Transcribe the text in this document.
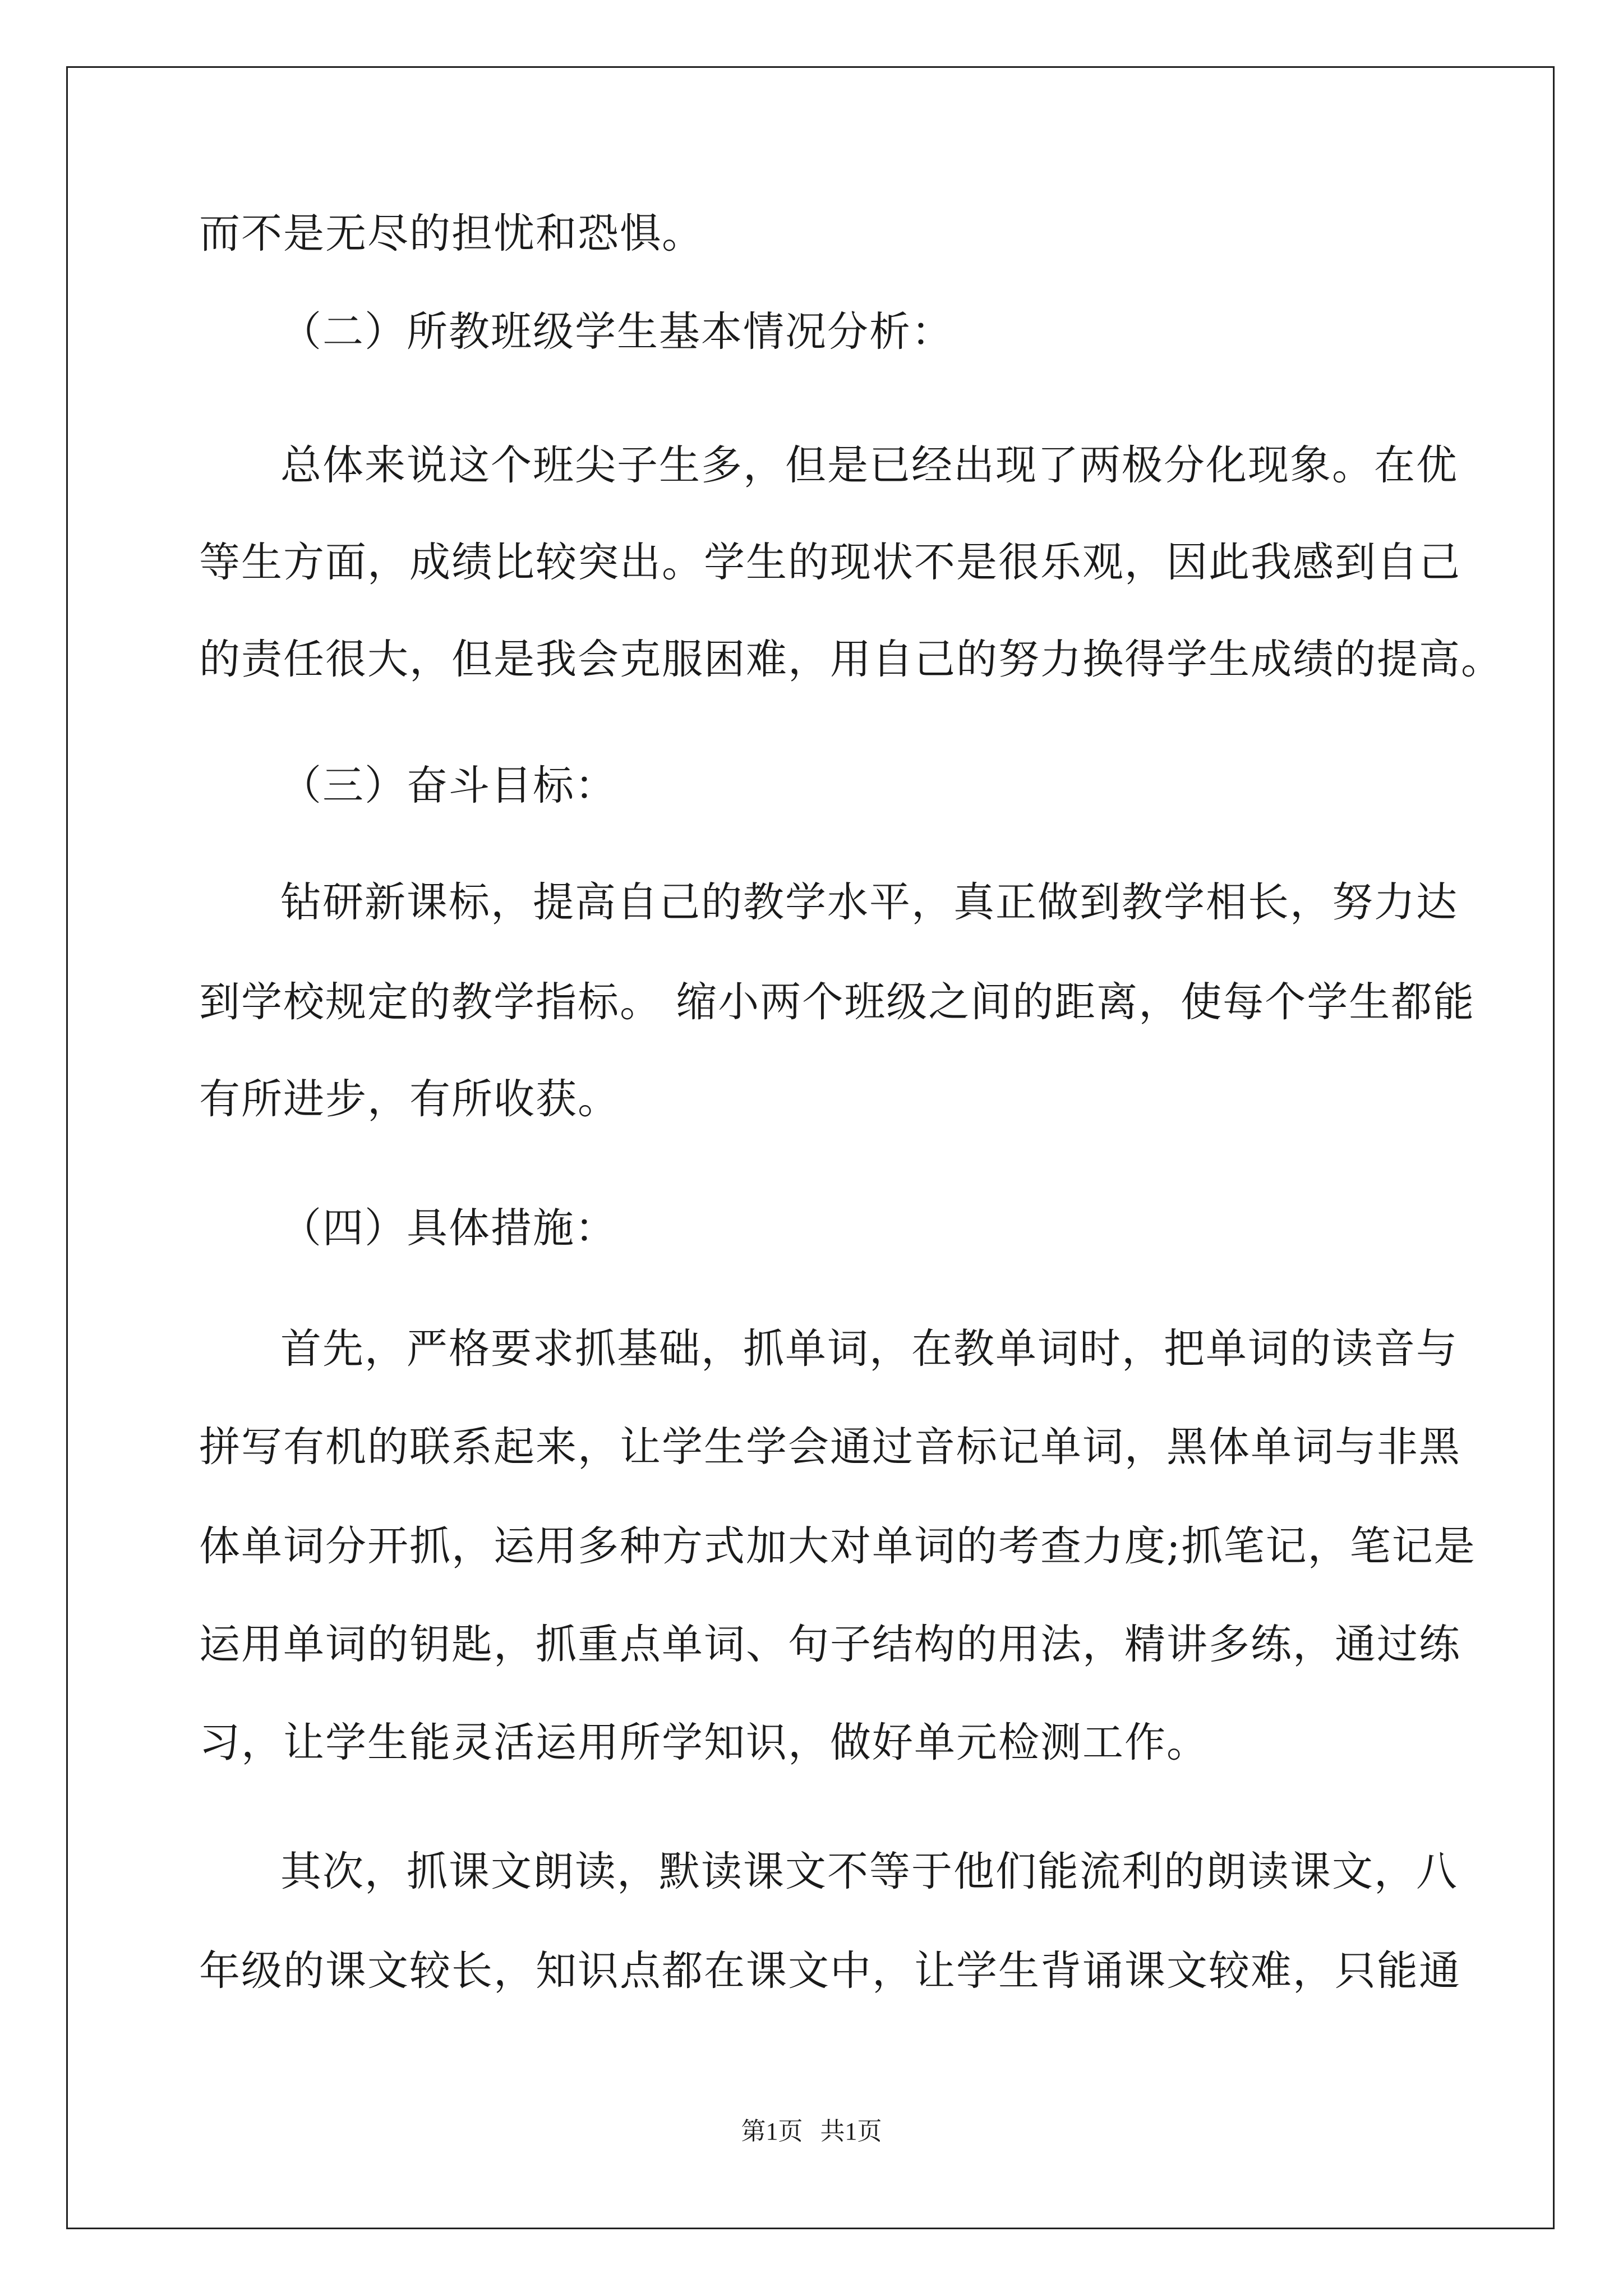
而不是无尽的担忧和恐惧。
（二）所教班级学生基本情况分析：
总体来说这个班尖子生多，但是已经出现了两极分化现象。在优
等生方面，成绩比较突出。学生的现状不是很乐观，因此我感到自己
的责任很大，但是我会克服困难，用自己的努力换得学生成绩的提高。
（三）奋斗目标：
钻研新课标，提高自己的教学水平，真正做到教学相长，努力达
到学校规定的教学指标。 缩小两个班级之间的距离，使每个学生都能
有所进步，有所收获。
（四）具体措施：
首先，严格要求抓基础，抓单词，在教单词时，把单词的读音与
拼写有机的联系起来，让学生学会通过音标记单词，黑体单词与非黑
体单词分开抓，运用多种方式加大对单词的考查力度;抓笔记，笔记是
运用单词的钥匙，抓重点单词、句子结构的用法，精讲多练，通过练
习，让学生能灵活运用所学知识，做好单元检测工作。
其次，抓课文朗读，默读课文不等于他们能流利的朗读课文，八
年级的课文较长，知识点都在课文中，让学生背诵课文较难，只能通
第1页 共1页
